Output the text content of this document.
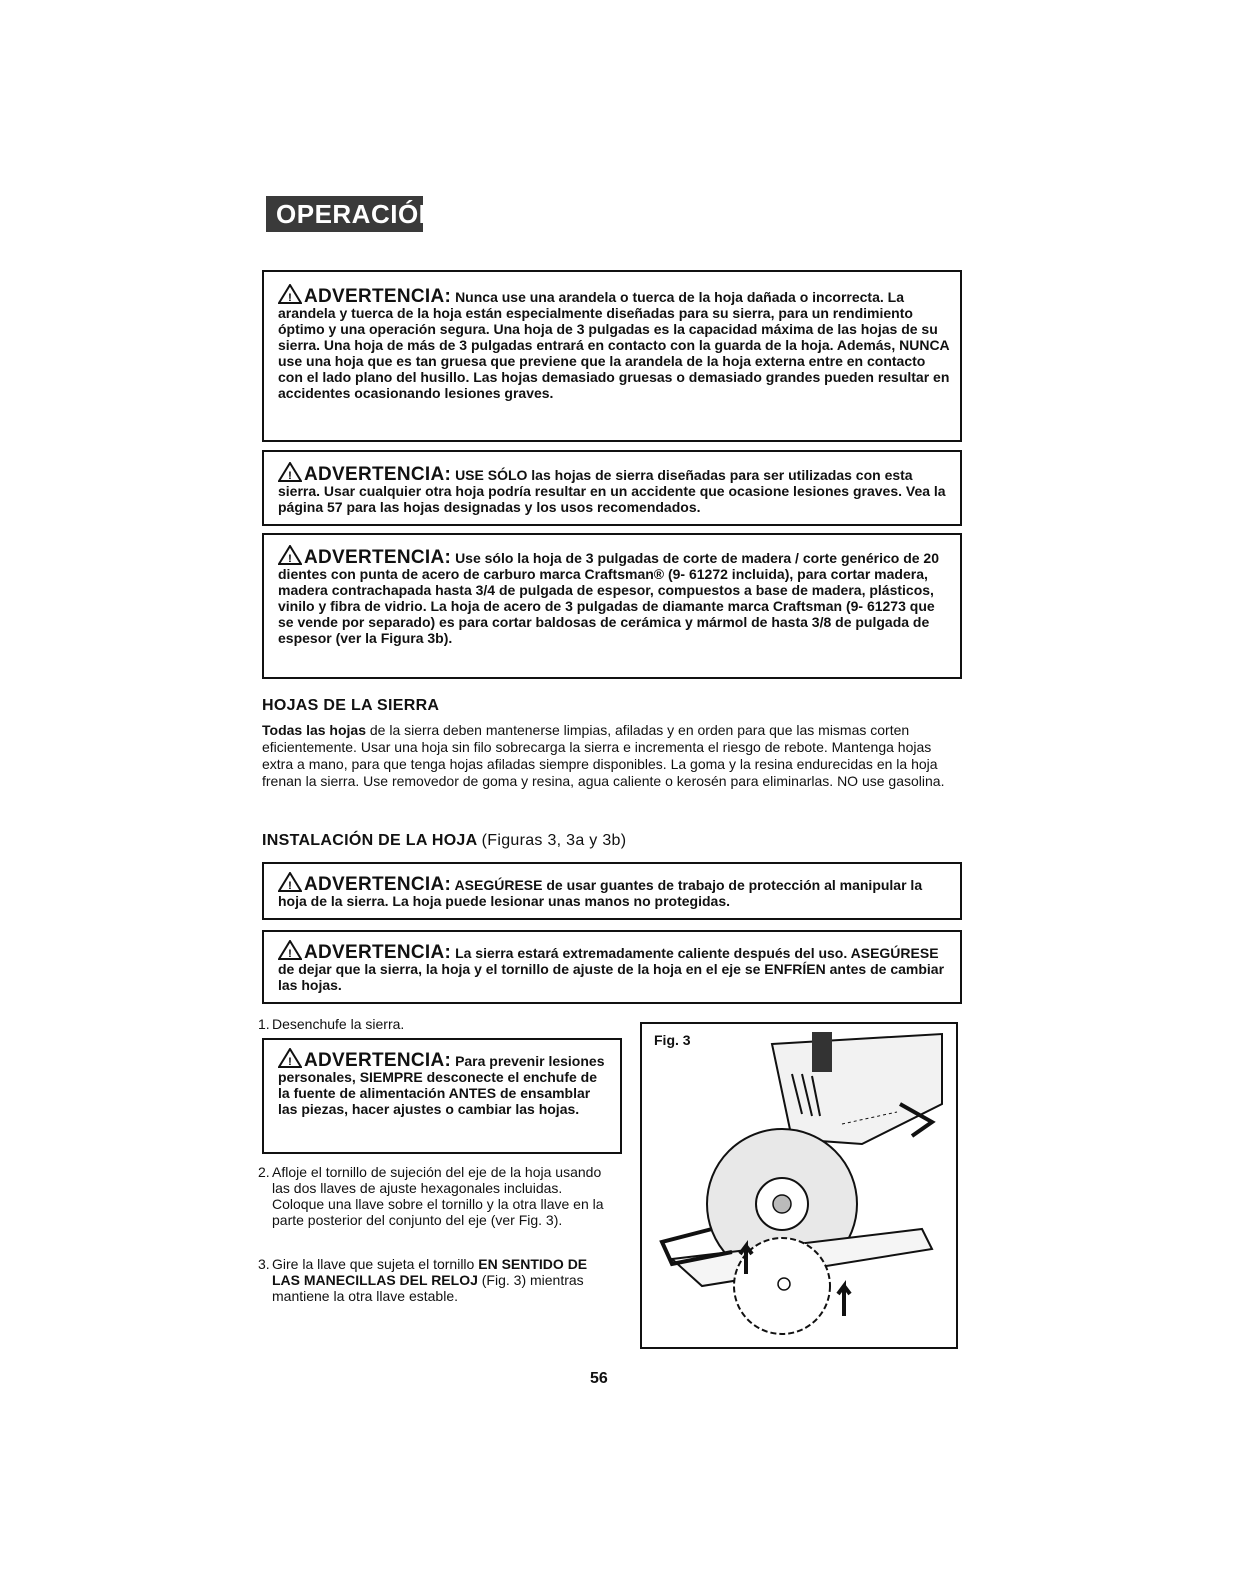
OPERACIÓN
! ADVERTENCIA: Nunca use una arandela o tuerca de la hoja dañada o incorrecta. La arandela y tuerca de la hoja están especialmente diseñadas para su sierra, para un rendimiento óptimo y una operación segura. Una hoja de 3 pulgadas es la capacidad máxima de las hojas de su sierra. Una hoja de más de 3 pulgadas entrará en contacto con la guarda de la hoja. Además, NUNCA use una hoja que es tan gruesa que previene que la arandela de la hoja externa entre en contacto con el lado plano del husillo. Las hojas demasiado gruesas o demasiado grandes pueden resultar en accidentes ocasionando lesiones graves.
! ADVERTENCIA: USE SÓLO las hojas de sierra diseñadas para ser utilizadas con esta sierra. Usar cualquier otra hoja podría resultar en un accidente que ocasione lesiones graves. Vea la página 57 para las hojas designadas y los usos recomendados.
! ADVERTENCIA: Use sólo la hoja de 3 pulgadas de corte de madera / corte genérico de 20 dientes con punta de acero de carburo marca Craftsman® (9- 61272 incluida), para cortar madera, madera contrachapada hasta 3/4 de pulgada de espesor, compuestos a base de madera, plásticos, vinilo y fibra de vidrio. La hoja de acero de 3 pulgadas de diamante marca Craftsman (9- 61273 que se vende por separado) es para cortar baldosas de cerámica y mármol de hasta 3/8 de pulgada de espesor (ver la Figura 3b).
HOJAS DE LA SIERRA
Todas las hojas de la sierra deben mantenerse limpias, afiladas y en orden para que las mismas corten eficientemente. Usar una hoja sin filo sobrecarga la sierra e incrementa el riesgo de rebote. Mantenga hojas extra a mano, para que tenga hojas afiladas siempre disponibles. La goma y la resina endurecidas en la hoja frenan la sierra. Use removedor de goma y resina, agua caliente o kerosén para eliminarlas. NO use gasolina.
INSTALACIÓN DE LA HOJA (Figuras 3, 3a y 3b)
! ADVERTENCIA: ASEGÚRESE de usar guantes de trabajo de protección al manipular la hoja de la sierra. La hoja puede lesionar unas manos no protegidas.
! ADVERTENCIA: La sierra estará extremadamente caliente después del uso. ASEGÚRESE de dejar que la sierra, la hoja y el tornillo de ajuste de la hoja en el eje se ENFRÍEN antes de cambiar las hojas.
1. Desenchufe la sierra.
! ADVERTENCIA: Para prevenir lesiones personales, SIEMPRE desconecte el enchufe de la fuente de alimentación ANTES de ensamblar las piezas, hacer ajustes o cambiar las hojas.
2. Afloje el tornillo de sujeción del eje de la hoja usando las dos llaves de ajuste hexagonales incluidas. Coloque una llave sobre el tornillo y la otra llave en la parte posterior del conjunto del eje (ver Fig. 3).
3. Gire la llave que sujeta el tornillo EN SENTIDO DE LAS MANECILLAS DEL RELOJ (Fig. 3) mientras mantiene la otra llave estable.
Fig. 3
56
